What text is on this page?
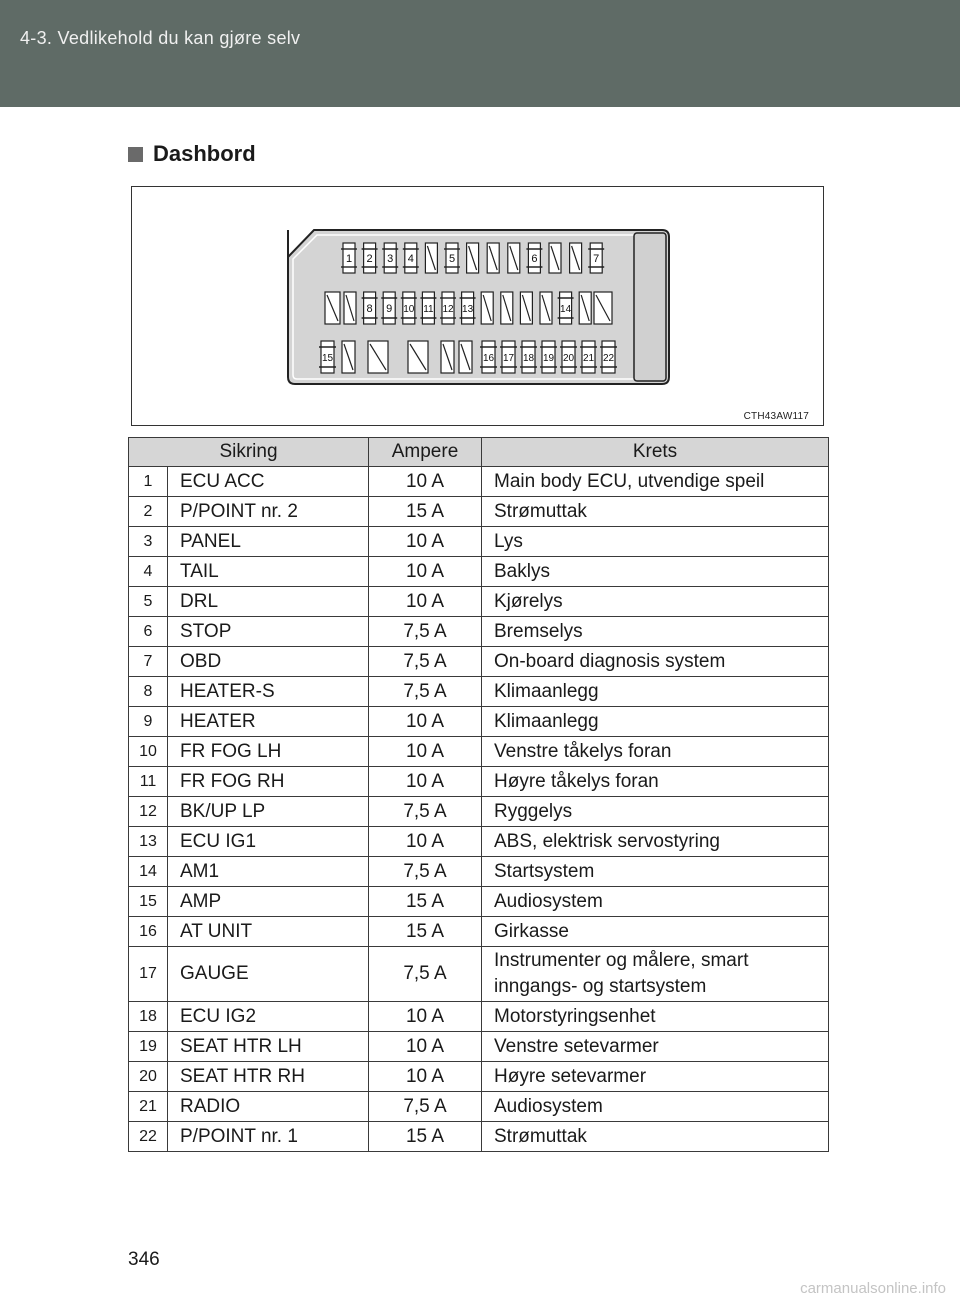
4-3. Vedlikehold du kan gjøre selv
Dashbord
1 2 3 4	5	6	7
8 9 10 11 12 13	14
15	16 17 18 19 20 21 22
CTH43AW117
Sikring		Ampere	Krets
1	ECU ACC	10 A	Main body ECU, utvendige speil
2	P/POINT nr. 2	15 A	Strømuttak
3	PANEL	10 A	Lys
4	TAIL	10 A	Baklys
5	DRL	10 A	Kjørelys
6	STOP	7,5 A	Bremselys
7	OBD	7,5 A	On-board diagnosis system
8	HEATER-S	7,5 A	Klimaanlegg
9	HEATER	10 A	Klimaanlegg
10	FR FOG LH	10 A	Venstre tåkelys foran
11	FR FOG RH	10 A	Høyre tåkelys foran
12	BK/UP LP	7,5 A	Ryggelys
13	ECU IG1	10 A	ABS, elektrisk servostyring
14	AM1	7,5 A	Startsystem
15	AMP	15 A	Audiosystem
16	AT UNIT	15 A	Girkasse
17	GAUGE	7,5 A	Instrumenter og målere, smart
inngangs- og startsystem
18	ECU IG2	10 A	Motorstyringsenhet
19	SEAT HTR LH	10 A	Venstre setevarmer
20	SEAT HTR RH	10 A	Høyre setevarmer
21	RADIO	7,5 A	Audiosystem
22	P/POINT nr. 1	15 A	Strømuttak
346
carmanualsonline.info
